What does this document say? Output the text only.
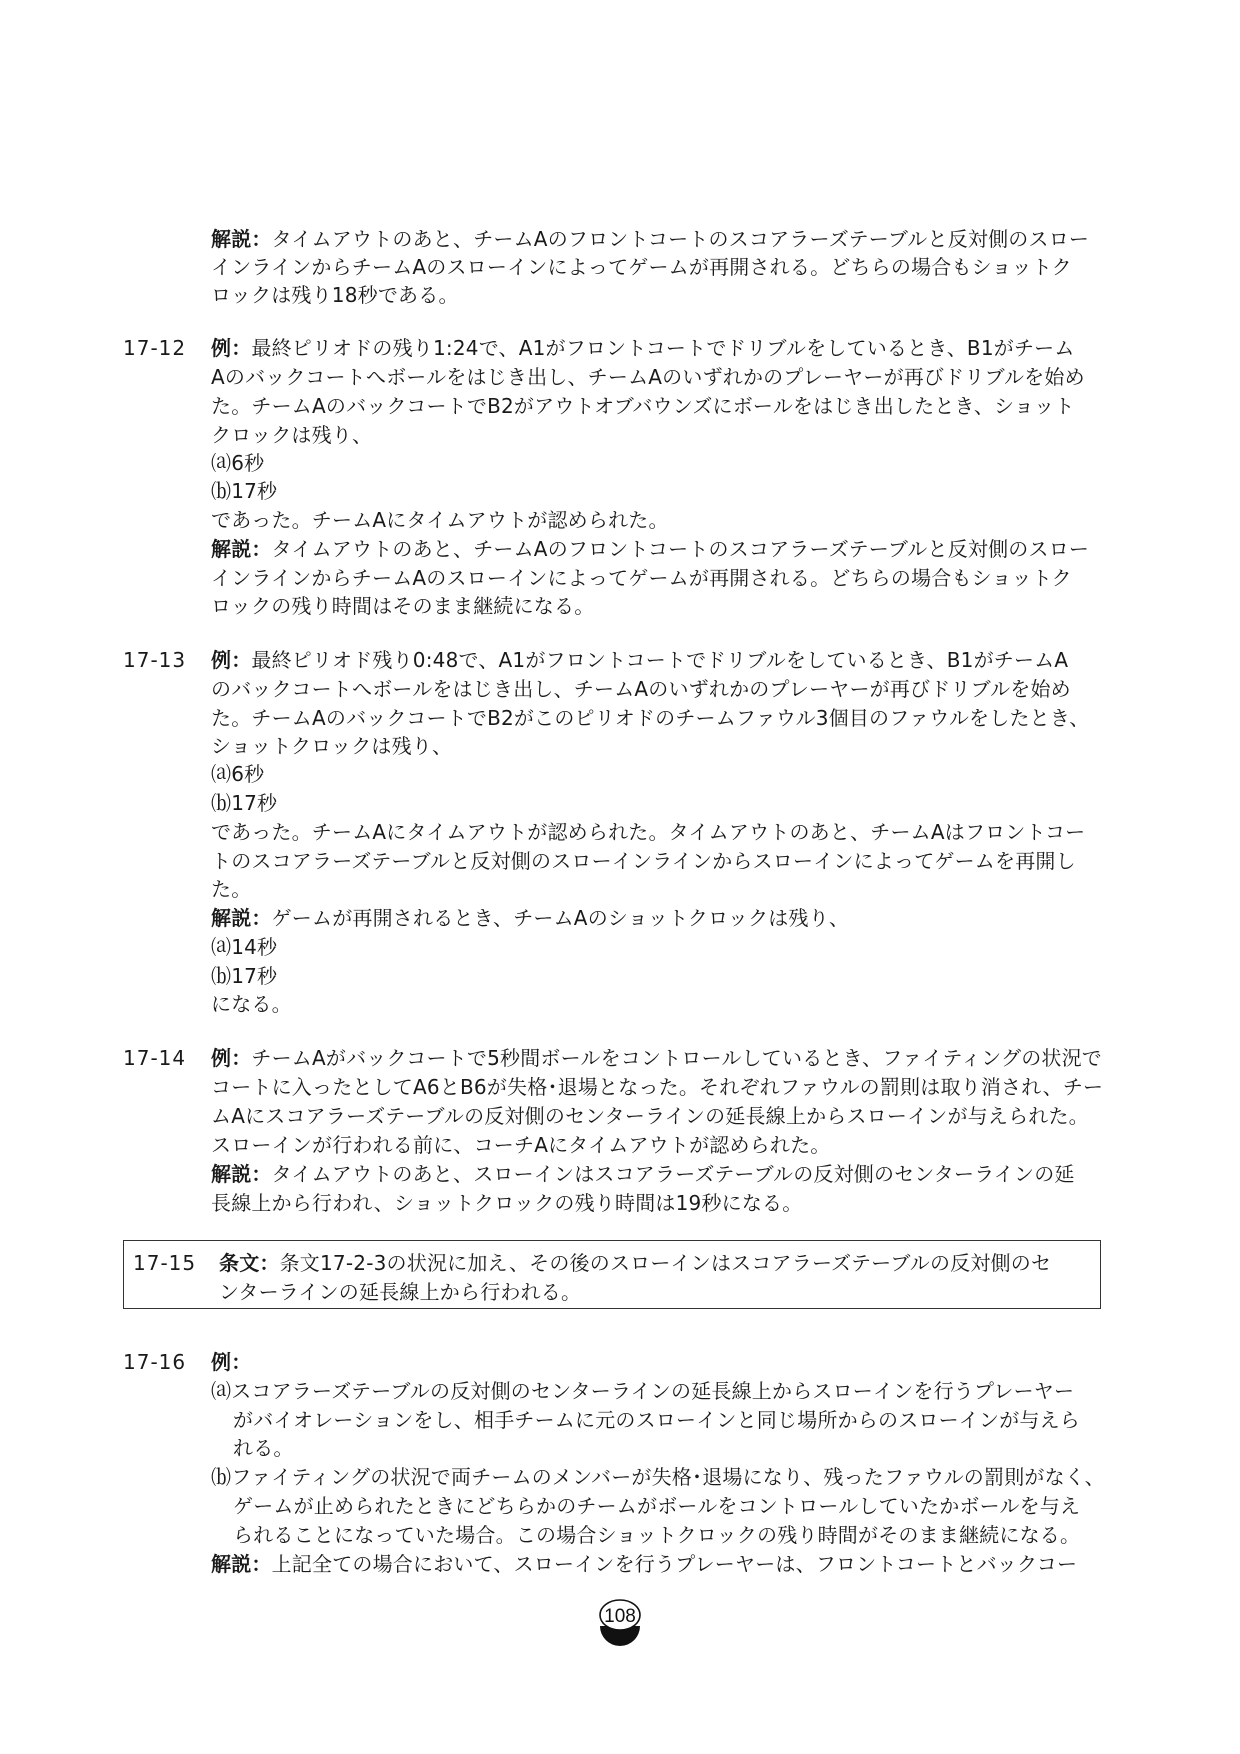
解説：タイムアウトのあと、チームAのフロントコートのスコアラーズテーブルと反対側のスロー
インラインからチームAのスローインによってゲームが再開される。どちらの場合もショットク
ロックは残り18秒である。
17-12 例：最終ピリオドの残り1:24で、A1がフロントコートでドリブルをしているとき、B1がチーム
Aのバックコートへボールをはじき出し、チームAのいずれかのプレーヤーが再びドリブルを始め
た。チームAのバックコートでB2がアウトオブバウンズにボールをはじき出したとき、ショット
クロックは残り、
⒜6秒
⒝17秒
であった。チームAにタイムアウトが認められた。
解説：タイムアウトのあと、チームAのフロントコートのスコアラーズテーブルと反対側のスロー
インラインからチームAのスローインによってゲームが再開される。どちらの場合もショットク
ロックの残り時間はそのまま継続になる。
17-13 例：最終ピリオド残り0:48で、A1がフロントコートでドリブルをしているとき、B1がチームA
のバックコートへボールをはじき出し、チームAのいずれかのプレーヤーが再びドリブルを始め
た。チームAのバックコートでB2がこのピリオドのチームファウル3個目のファウルをしたとき、
ショットクロックは残り、
⒜6秒
⒝17秒
であった。チームAにタイムアウトが認められた。タイムアウトのあと、チームAはフロントコー
トのスコアラーズテーブルと反対側のスローインラインからスローインによってゲームを再開し
た。
解説：ゲームが再開されるとき、チームAのショットクロックは残り、
⒜14秒
⒝17秒
になる。
17-14 例：チームAがバックコートで5秒間ボールをコントロールしているとき、ファイティングの状況で
コートに入ったとしてA6とB6が失格･退場となった。それぞれファウルの罰則は取り消され、チー
ムAにスコアラーズテーブルの反対側のセンターラインの延長線上からスローインが与えられた。
スローインが行われる前に、コーチAにタイムアウトが認められた。
解説：タイムアウトのあと、スローインはスコアラーズテーブルの反対側のセンターラインの延
長線上から行われ、ショットクロックの残り時間は19秒になる。
17-15 条文：条文17-2-3の状況に加え、その後のスローインはスコアラーズテーブルの反対側のセ
ンターラインの延長線上から行われる。
17-16 例：
⒜スコアラーズテーブルの反対側のセンターラインの延長線上からスローインを行うプレーヤー
がバイオレーションをし、相手チームに元のスローインと同じ場所からのスローインが与えら
れる。
⒝ファイティングの状況で両チームのメンバーが失格･退場になり、残ったファウルの罰則がなく、
ゲームが止められたときにどちらかのチームがボールをコントロールしていたかボールを与え
られることになっていた場合。この場合ショットクロックの残り時間がそのまま継続になる。
解説：上記全ての場合において、スローインを行うプレーヤーは、フロントコートとバックコー
108
